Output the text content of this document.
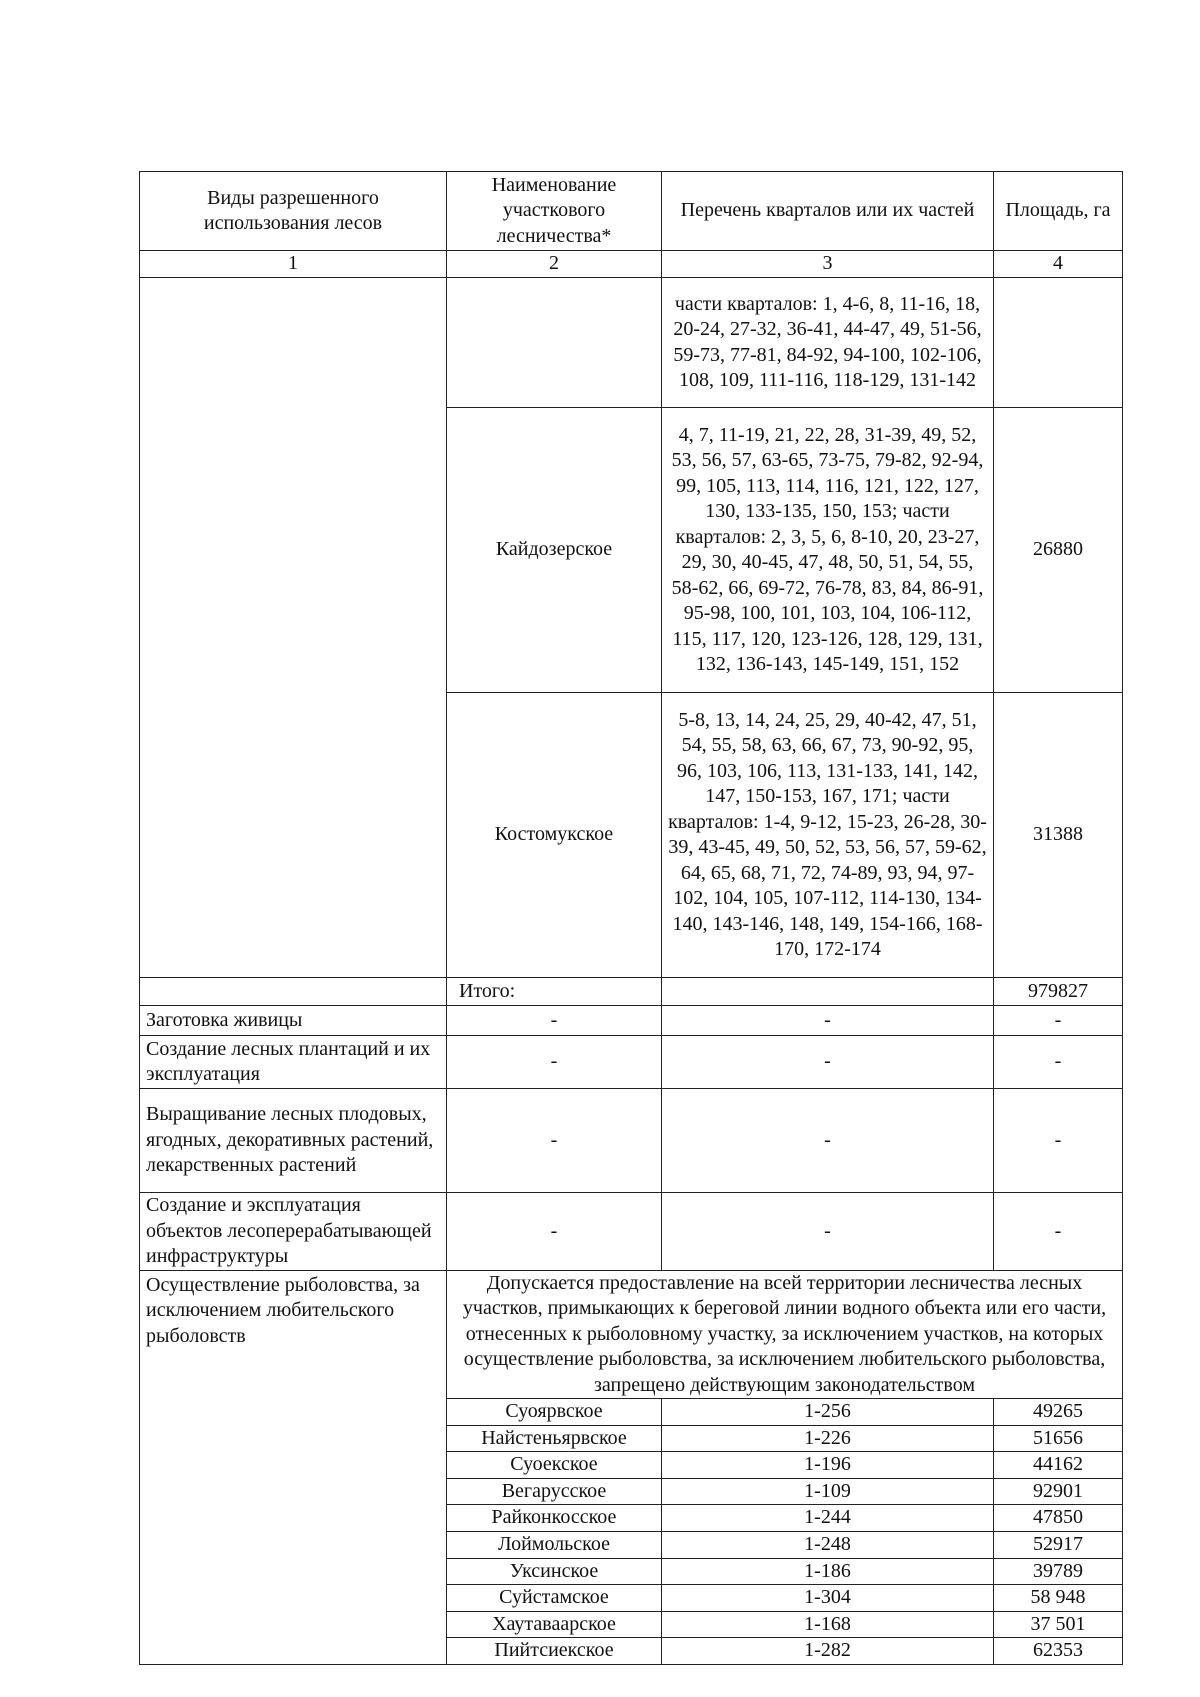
Виды разрешенного использования лесов	Наименование участкового лесничества*	Перечень кварталов или их частей	Площадь, га
1	2	3	4
		части кварталов: 1, 4-6, 8, 11-16, 18, 20-24, 27-32, 36-41, 44-47, 49, 51-56, 59-73, 77-81, 84-92, 94-100, 102-106, 108, 109, 111-116, 118-129, 131-142	
	Кайдозерское	4, 7, 11-19, 21, 22, 28, 31-39, 49, 52, 53, 56, 57, 63-65, 73-75, 79-82, 92-94, 99, 105, 113, 114, 116, 121, 122, 127, 130, 133-135, 150, 153; части кварталов: 2, 3, 5, 6, 8-10, 20, 23-27, 29, 30, 40-45, 47, 48, 50, 51, 54, 55, 58-62, 66, 69-72, 76-78, 83, 84, 86-91, 95-98, 100, 101, 103, 104, 106-112, 115, 117, 120, 123-126, 128, 129, 131, 132, 136-143, 145-149, 151, 152	26880
	Костомукское	5-8, 13, 14, 24, 25, 29, 40-42, 47, 51, 54, 55, 58, 63, 66, 67, 73, 90-92, 95, 96, 103, 106, 113, 131-133, 141, 142, 147, 150-153, 167, 171; части кварталов: 1-4, 9-12, 15-23, 26-28, 30-39, 43-45, 49, 50, 52, 53, 56, 57, 59-62, 64, 65, 68, 71, 72, 74-89, 93, 94, 97-102, 104, 105, 107-112, 114-130, 134-140, 143-146, 148, 149, 154-166, 168-170, 172-174	31388
	Итого:		979827
Заготовка живицы	-	-	-
Создание лесных плантаций и их эксплуатация	-	-	-
Выращивание лесных плодовых, ягодных, декоративных растений, лекарственных растений	-	-	-
Создание и эксплуатация объектов лесоперерабатывающей инфраструктуры	-	-	-
Осуществление рыболовства, за исключением любительского рыболовств	Допускается предоставление на всей территории лесничества лесных участков, примыкающих к береговой линии водного объекта или его части, отнесенных к рыболовному участку, за исключением участков, на которых осуществление рыболовства, за исключением любительского рыболовства, запрещено действующим законодательством		
	Суоярвское	1-256	49265
	Найстеньярвское	1-226	51656
	Суоекское	1-196	44162
	Вегарусское	1-109	92901
	Райконкосское	1-244	47850
	Лоймольское	1-248	52917
	Уксинское	1-186	39789
	Суйстамское	1-304	58 948
	Хаутаваарское	1-168	37 501
	Пийтсиекское	1-282	62353
